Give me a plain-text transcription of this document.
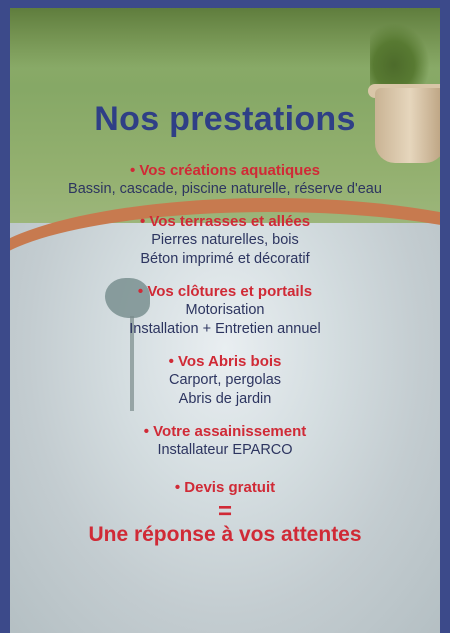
Nos prestations
• Vos créations aquatiques
Bassin, cascade, piscine naturelle, réserve d'eau
• Vos terrasses et allées
Pierres naturelles, bois
Béton imprimé et décoratif
• Vos clôtures et portails
Motorisation
Installation + Entretien annuel
• Vos Abris bois
Carport, pergolas
Abris de jardin
• Votre assainissement
Installateur EPARCO
• Devis gratuit
=
Une réponse à vos attentes
